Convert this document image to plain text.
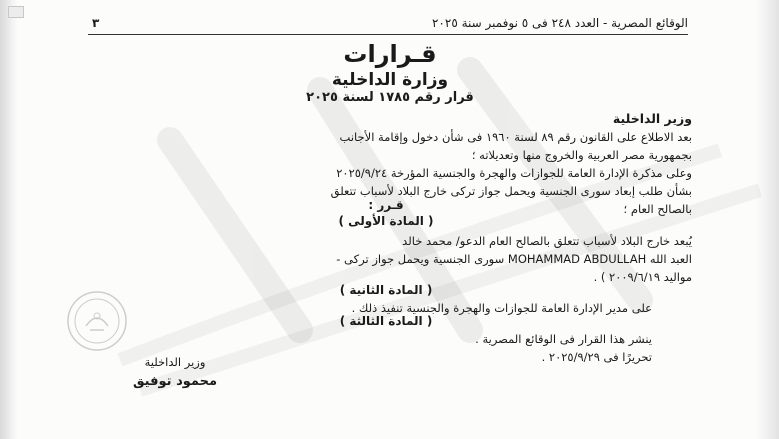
الوقائع المصرية - العدد ٢٤٨ فى ٥ نوفمبر سنة ٢٠٢٥
٣
قـرارات
وزارة الداخلية
قرار رقم ١٧٨٥ لسنة ٢٠٢٥
وزير الداخلية
بعد الاطلاع على القانون رقم ٨٩ لسنة ١٩٦٠ فى شأن دخول وإقامة الأجانب
بجمهورية مصر العربية والخروج منها وتعديلاته ؛
وعلى مذكرة الإدارة العامة للجوازات والهجرة والجنسية المؤرخة ٢٠٢٥/٩/٢٤
بشأن طلب إبعاد سورى الجنسية ويحمل جواز تركى خارج البلاد لأسباب تتعلق
بالصالح العام ؛
قـرر :
( المادة الأولى )
يُبعد خارج البلاد لأسباب تتعلق بالصالح العام الدعو/ محمد خالد
العبد الله MOHAMMAD ABDULLAH سورى الجنسية ويحمل جواز تركى -
مواليد ٢٠٠٩/٦/١٩ ) .
( المادة الثانية )
على مدير الإدارة العامة للجوازات والهجرة والجنسية تنفيذ ذلك .
( المادة الثالثة )
ينشر هذا القرار فى الوقائع المصرية .
تحريرًا فى ٢٠٢٥/٩/٢٩ .
وزير الداخلية
محمود توفيق
